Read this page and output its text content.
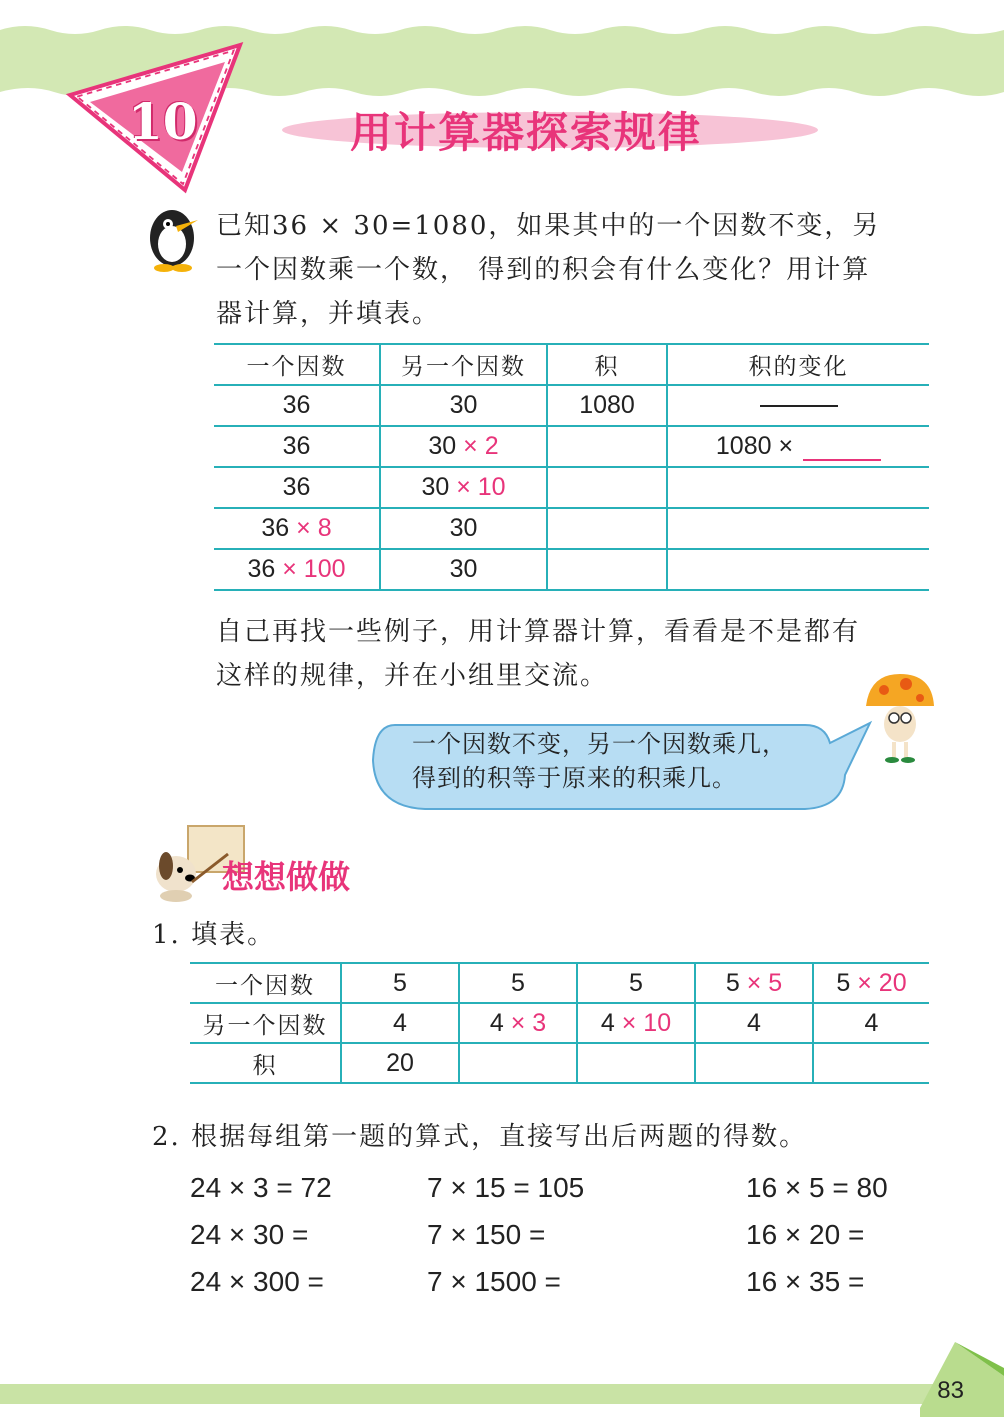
10	用计算器探索规律
已知36 × 30=1080，如果其中的一个因数不变，另
一个因数乘一个数， 得到的积会有什么变化？用计算
器计算，并填表。
一个因数	另一个因数	积	积的变化
36	30	1080	
36	30 × 2		1080 ×
36	30 × 10		
36 × 8	30		
36 × 100	30		
自己再找一些例子，用计算器计算，看看是不是都有
这样的规律，并在小组里交流。
一个因数不变，另一个因数乘几，
得到的积等于原来的积乘几。
想想做做
1. 填表。
一个因数	5	5	5	5 × 5	5 × 20
另一个因数	4	4 × 3	4 × 10	4	4
积	20				
2. 根据每组第一题的算式，直接写出后两题的得数。
24 × 3 = 72
24 × 30 =
24 × 300 =
7 × 15 = 105
7 × 150 =
7 × 1500 =
16 × 5 = 80
16 × 20 =
16 × 35 =
83
